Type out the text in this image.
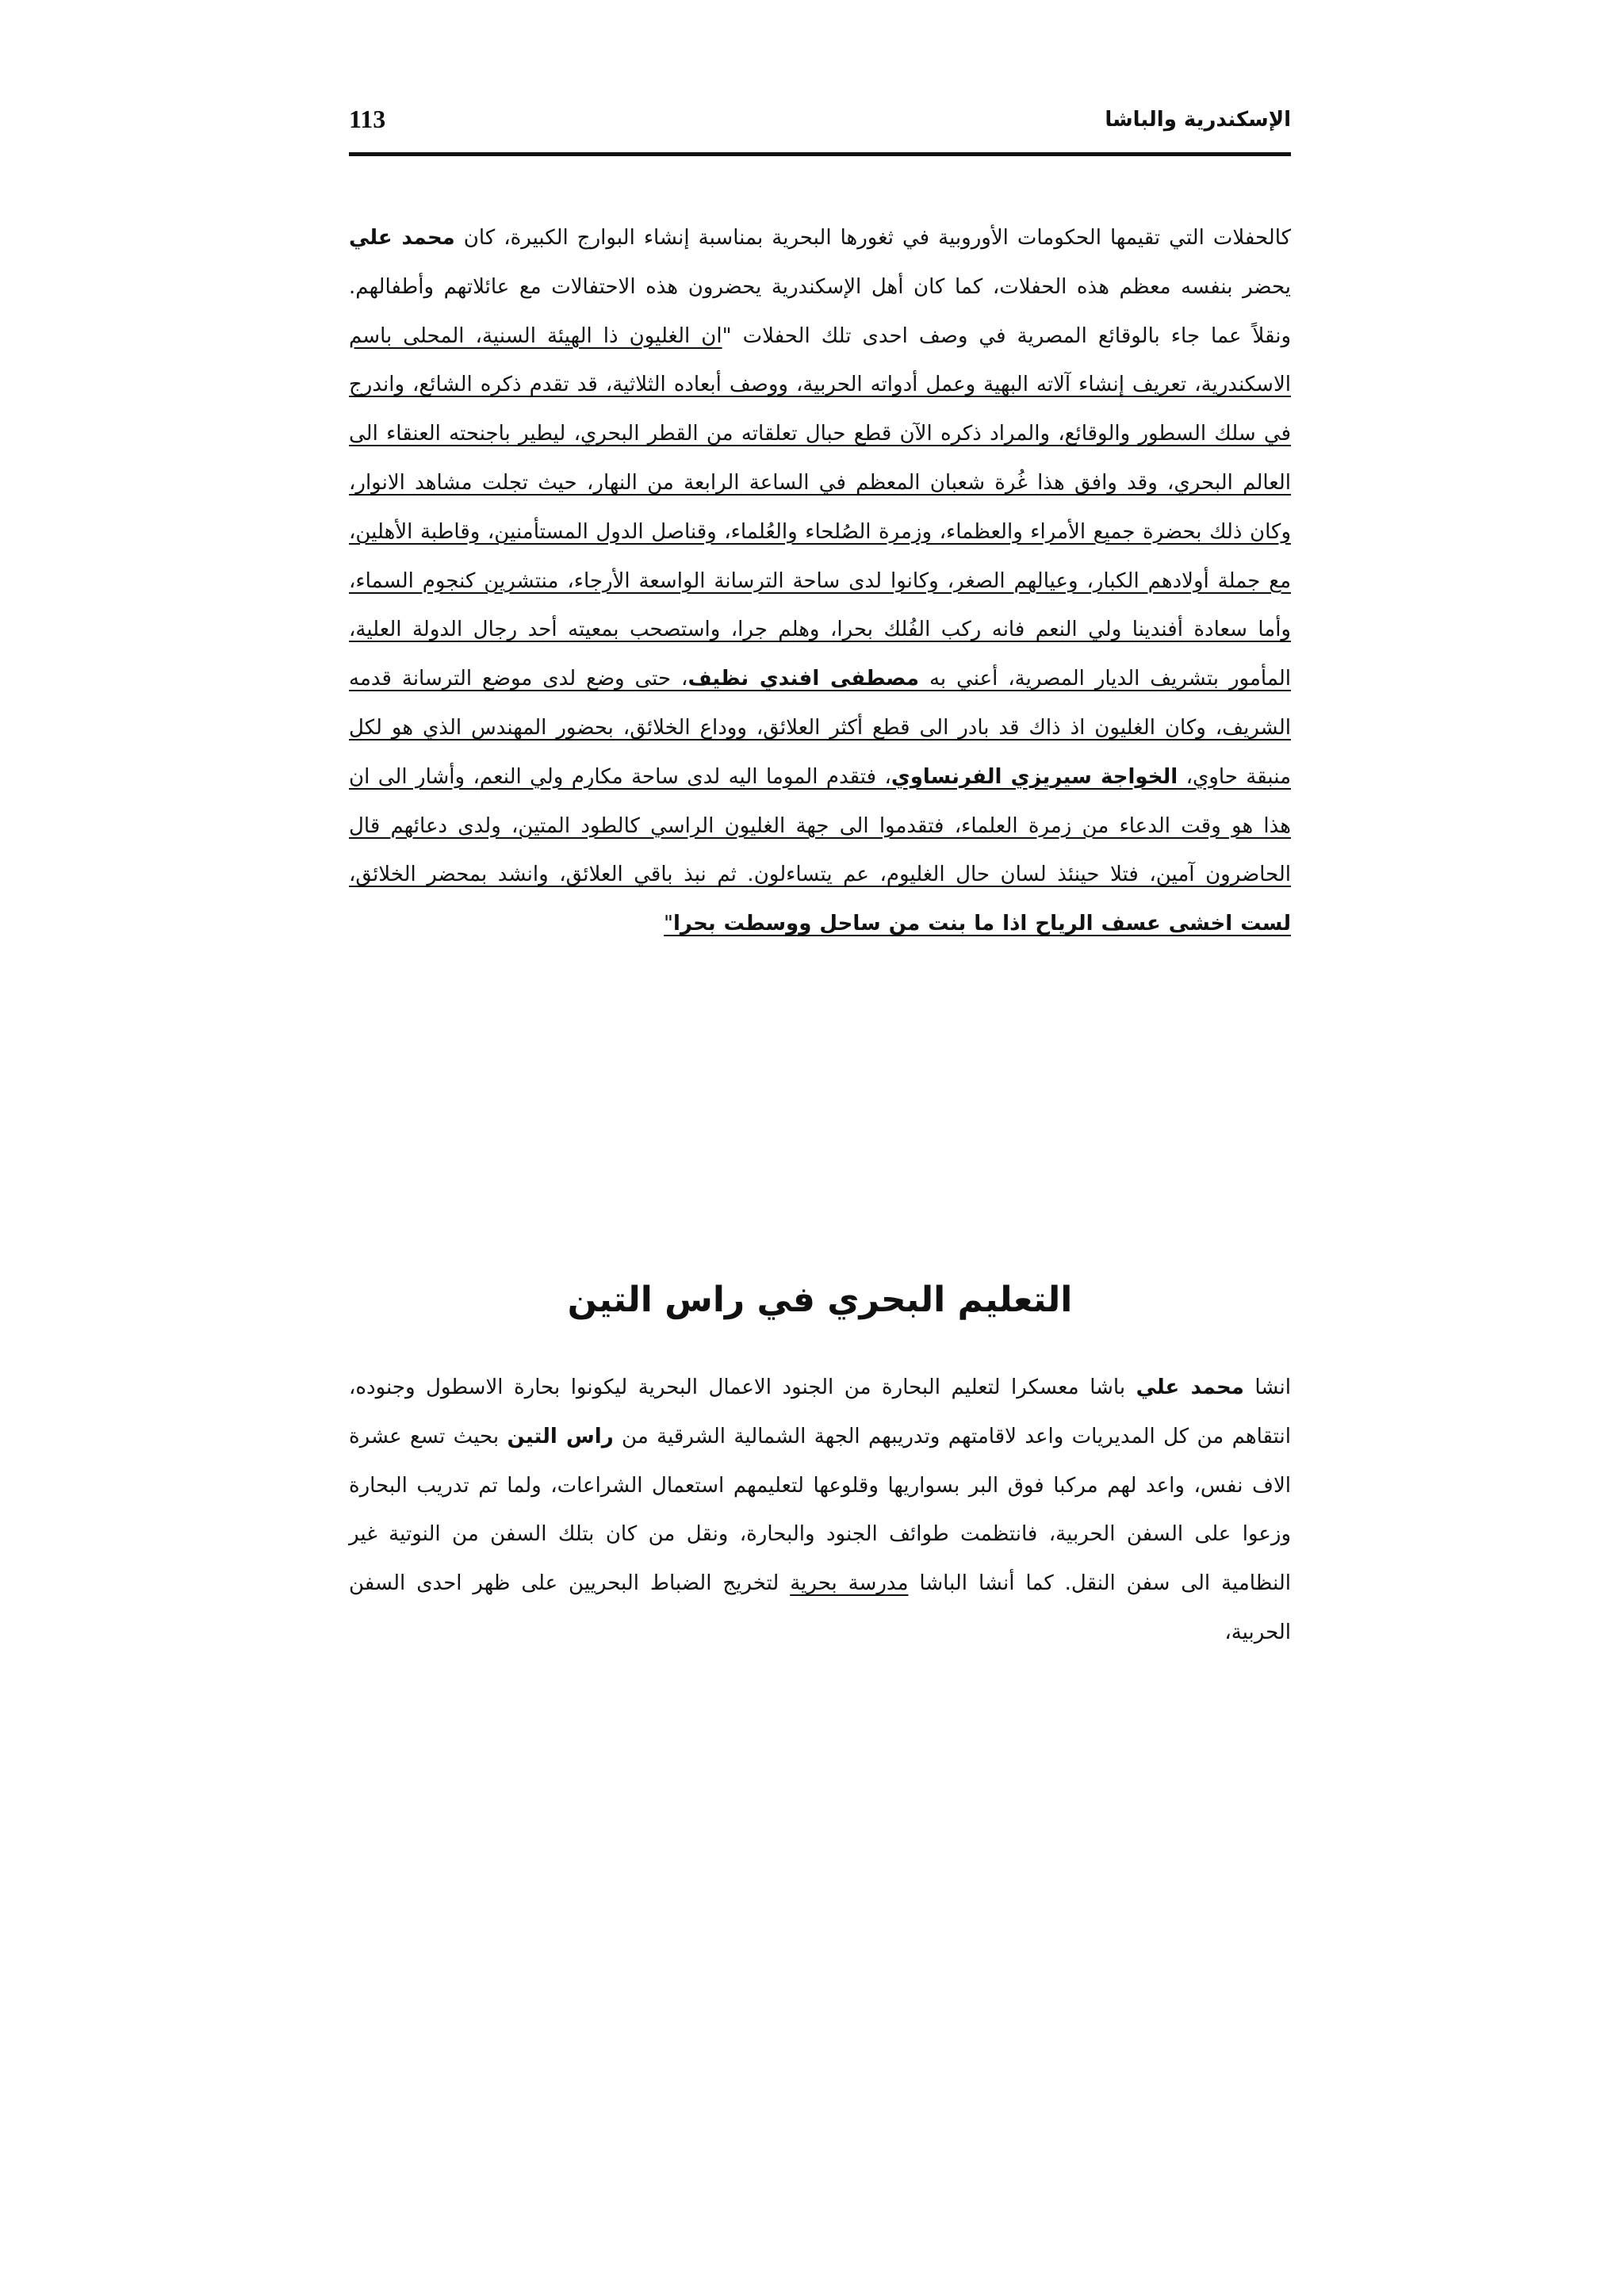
الإسكندرية والباشا
113

كالحفلات التي تقيمها الحكومات الأوروبية في ثغورها البحرية بمناسبة إنشاء البوارج الكبيرة، كان محمد علي يحضر بنفسه معظم هذه الحفلات، كما كان أهل الإسكندرية يحضرون هذه الاحتفالات مع عائلاتهم وأطفالهم. ونقلاً عما جاء بالوقائع المصرية في وصف احدى تلك الحفلات "ان الغليون ذا الهيئة السنية، المحلى باسم الاسكندرية، تعريف إنشاء آلاته البهية وعمل أدواته الحربية، ووصف أبعاده الثلاثية، قد تقدم ذكره الشائع، واندرج في سلك السطور والوقائع، والمراد ذكره الآن قطع حبال تعلقاته من القطر البحري، ليطير باجنحته العنقاء الى العالم البحري، وقد وافق هذا غُرة شعبان المعظم في الساعة الرابعة من النهار، حيث تجلت مشاهد الانوار، وكان ذلك بحضرة جميع الأمراء والعظماء، وزمرة الصُلحاء والعُلماء، وقناصل الدول المستأمنين، وقاطبة الأهلين، مع جملة أولادهم الكبار، وعيالهم الصغر، وكانوا لدى ساحة الترسانة الواسعة الأرجاء، منتشرين كنجوم السماء، وأما سعادة أفندينا ولي النعم فانه ركب الفُلك بحرا، وهلم جرا، واستصحب بمعيته أحد رجال الدولة العلية، المأمور بتشريف الديار المصرية، أعني به مصطفى افندي نظيف، حتى وضع لدى موضع الترسانة قدمه الشريف، وكان الغليون اذ ذاك قد بادر الى قطع أكثر العلائق، ووداع الخلائق، بحضور المهندس الذي هو لكل منبقة حاوي، الخواجة سيريزي الفرنساوي، فتقدم الموما اليه لدى ساحة مكارم ولي النعم، وأشار الى ان هذا هو وقت الدعاء من زمرة العلماء، فتقدموا الى جهة الغليون الراسي كالطود المتين، ولدى دعائهم قال الحاضرون آمين، فتلا حينئذ لسان حال الغليوم، عم يتساءلون. ثم نبذ باقي العلائق، وانشد بمحضر الخلائق، لست اخشى عسف الرياح اذا ما بنت من ساحل ووسطت بحرا"

التعليم البحري في راس التين

انشا محمد علي باشا معسكرا لتعليم البحارة من الجنود الاعمال البحرية ليكونوا بحارة الاسطول وجنوده، انتقاهم من كل المديريات واعد لاقامتهم وتدريبهم الجهة الشمالية الشرقية من راس التين بحيث تسع عشرة الاف نفس، واعد لهم مركبا فوق البر بسواريها وقلوعها لتعليمهم استعمال الشراعات، ولما تم تدريب البحارة وزعوا على السفن الحربية، فانتظمت طوائف الجنود والبحارة، ونقل من كان بتلك السفن من النوتية غير النظامية الى سفن النقل. كما أنشا الباشا مدرسة بحرية لتخريج الضباط البحريين على ظهر احدى السفن الحربية،
